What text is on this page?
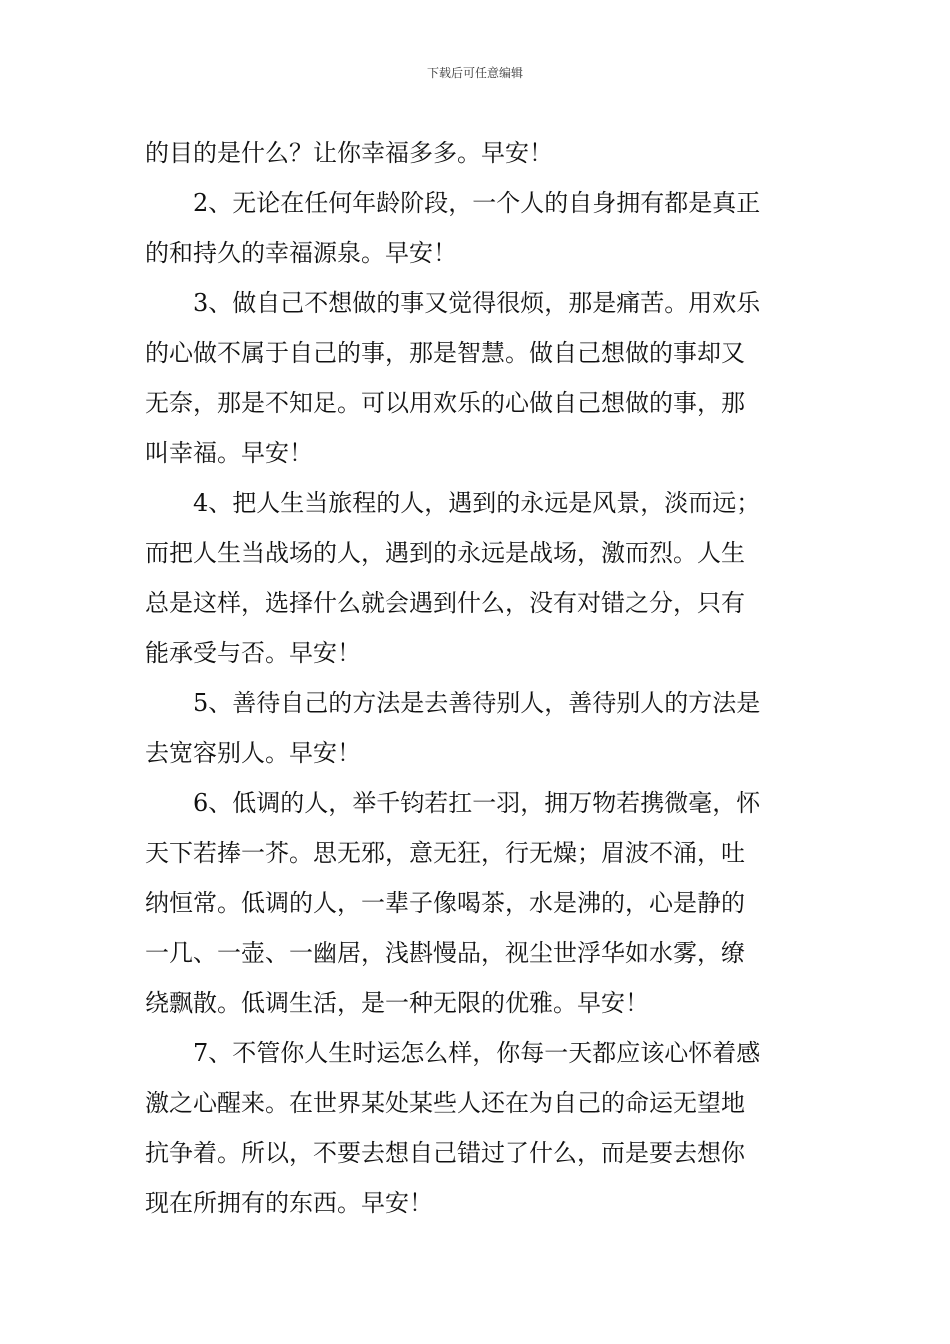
下载后可任意编辑
的目的是什么？让你幸福多多。早安！
2、无论在任何年龄阶段，一个人的自身拥有都是真正
的和持久的幸福源泉。早安！
3、做自己不想做的事又觉得很烦，那是痛苦。用欢乐
的心做不属于自己的事，那是智慧。做自己想做的事却又
无奈，那是不知足。可以用欢乐的心做自己想做的事，那
叫幸福。早安！
4、把人生当旅程的人，遇到的永远是风景，淡而远；
而把人生当战场的人，遇到的永远是战场，激而烈。人生
总是这样，选择什么就会遇到什么，没有对错之分，只有
能承受与否。早安！
5、善待自己的方法是去善待别人，善待别人的方法是
去宽容别人。早安！
6、低调的人，举千钧若扛一羽，拥万物若携微毫，怀
天下若捧一芥。思无邪，意无狂，行无燥；眉波不涌，吐
纳恒常。低调的人，一辈子像喝茶，水是沸的，心是静的
一几、一壶、一幽居，浅斟慢品，视尘世浮华如水雾，缭
绕飘散。低调生活，是一种无限的优雅。早安！
7、不管你人生时运怎么样，你每一天都应该心怀着感
激之心醒来。在世界某处某些人还在为自己的命运无望地
抗争着。所以，不要去想自己错过了什么，而是要去想你
现在所拥有的东西。早安！
